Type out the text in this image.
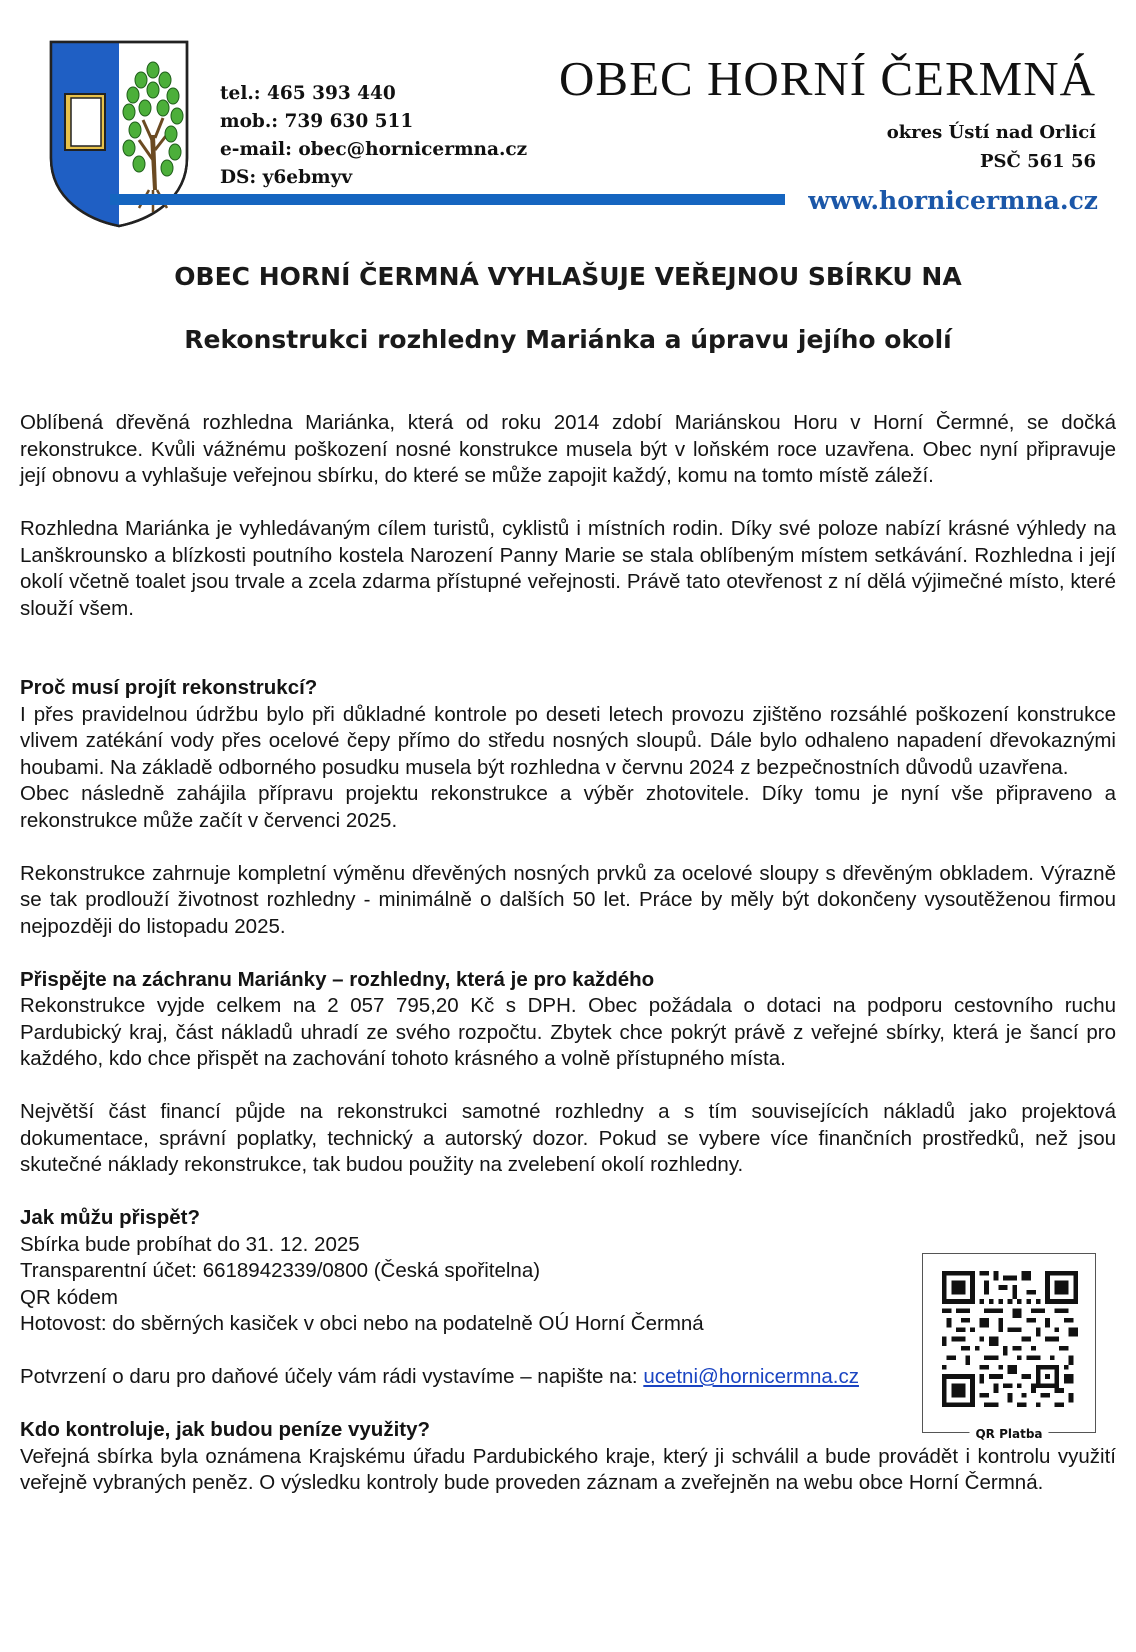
tel.: 465 393 440
mob.: 739 630 511
e-mail: obec@hornicermna.cz
DS: y6ebmyv
OBEC HORNÍ ČERMNÁ
okres Ústí nad Orlicí
PSČ 561 56
www.hornicermna.cz
OBEC HORNÍ ČERMNÁ VYHLAŠUJE VEŘEJNOU SBÍRKU NA
Rekonstrukci rozhledny Mariánka a úpravu jejího okolí

Oblíbená dřevěná rozhledna Mariánka, která od roku 2014 zdobí Mariánskou Horu v Horní Čermné, se dočká rekonstrukce. Kvůli vážnému poškození nosné konstrukce musela být v loňském roce uzavřena. Obec nyní připravuje její obnovu a vyhlašuje veřejnou sbírku, do které se může zapojit každý, komu na tomto místě záleží.

Rozhledna Mariánka je vyhledávaným cílem turistů, cyklistů i místních rodin. Díky své poloze nabízí krásné výhledy na Lanškrounsko a blízkosti poutního kostela Narození Panny Marie se stala oblíbeným místem setkávání. Rozhledna i její okolí včetně toalet jsou trvale a zcela zdarma přístupné veřejnosti. Právě tato otevřenost z ní dělá výjimečné místo, které slouží všem.

Proč musí projít rekonstrukcí?

I přes pravidelnou údržbu bylo při důkladné kontrole po deseti letech provozu zjištěno rozsáhlé poškození konstrukce vlivem zatékání vody přes ocelové čepy přímo do středu nosných sloupů. Dále bylo odhaleno napadení dřevokaznými houbami. Na základě odborného posudku musela být rozhledna v červnu 2024 z bezpečnostních důvodů uzavřena.

Obec následně zahájila přípravu projektu rekonstrukce a výběr zhotovitele. Díky tomu je nyní vše připraveno a rekonstrukce může začít v červenci 2025.

Rekonstrukce zahrnuje kompletní výměnu dřevěných nosných prvků za ocelové sloupy s dřevěným obkladem. Výrazně se tak prodlouží životnost rozhledny - minimálně o dalších 50 let. Práce by měly být dokončeny vysoutěženou firmou nejpozději do listopadu 2025.

Přispějte na záchranu Mariánky – rozhledny, která je pro každého

Rekonstrukce vyjde celkem na 2 057 795,20 Kč s DPH. Obec požádala o dotaci na podporu cestovního ruchu Pardubický kraj, část nákladů uhradí ze svého rozpočtu. Zbytek chce pokrýt právě z veřejné sbírky, která je šancí pro každého, kdo chce přispět na zachování tohoto krásného a volně přístupného místa.

Největší část financí půjde na rekonstrukci samotné rozhledny a s tím souvisejících nákladů jako projektová dokumentace, správní poplatky, technický a autorský dozor. Pokud se vybere více finančních prostředků, než jsou skutečné náklady rekonstrukce, tak budou použity na zvelebení okolí rozhledny.

Jak můžu přispět?

Sbírka bude probíhat do 31. 12. 2025

Transparentní účet: 6618942339/0800 (Česká spořitelna)

QR kódem

Hotovost: do sběrných kasiček v obci nebo na podatelně OÚ Horní Čermná

Potvrzení o daru pro daňové účely vám rádi vystavíme – napište na: ucetni@hornicermna.cz

Kdo kontroluje, jak budou peníze využity?

Veřejná sbírka byla oznámena Krajskému úřadu Pardubického kraje, který ji schválil a bude provádět i kontrolu využití veřejně vybraných peněz. O výsledku kontroly bude proveden záznam a zveřejněn na webu obce Horní Čermná.

QR Platba
